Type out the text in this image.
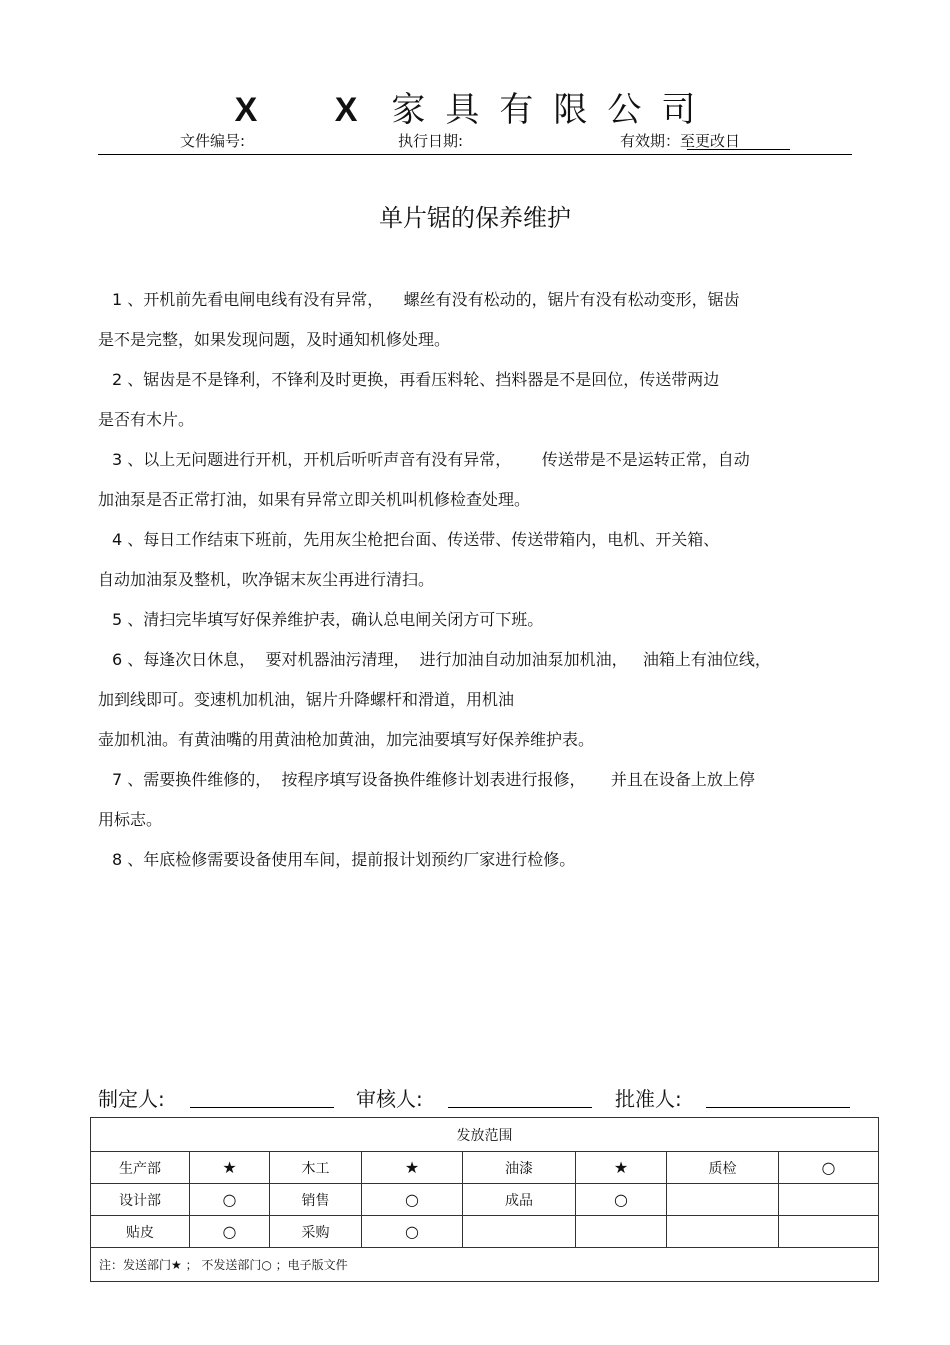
X X家具有限公司
文件编号:	执行日期:	有效期：至更改日
单片锯的保养维护
1 、开机前先看电闸电线有没有异常，    螺丝有没有松动的，锯片有没有松动变形，锯齿
是不是完整，如果发现问题，及时通知机修处理。
2 、锯齿是不是锋利，不锋利及时更换，再看压料轮、挡料器是不是回位，传送带两边
是否有木片。
3 、以上无问题进行开机，开机后听听声音有没有异常，      传送带是不是运转正常，自动
加油泵是否正常打油，如果有异常立即关机叫机修检查处理。
4 、每日工作结束下班前，先用灰尘枪把台面、传送带、传送带箱内，电机、开关箱、
自动加油泵及整机，吹净锯末灰尘再进行清扫。
5 、清扫完毕填写好保养维护表，确认总电闸关闭方可下班。
6 、每逢次日休息，  要对机器油污清理，  进行加油自动加油泵加机油，   油箱上有油位线，
加到线即可。变速机加机油，锯片升降螺杆和滑道，用机油
壶加机油。有黄油嘴的用黄油枪加黄油，加完油要填写好保养维护表。
7 、需要换件维修的，  按程序填写设备换件维修计划表进行报修，     并且在设备上放上停
用标志。
8 、年底检修需要设备使用车间，提前报计划预约厂家进行检修。
制定人:	审核人:	批准人:
发放范围							
生产部	★	木工	★	油漆	★	质检	○
设计部	○	销售	○	成品	○		
贴皮	○	采购	○				
注：发送部门★ ； 不发送部门○ ；电子版文件							
